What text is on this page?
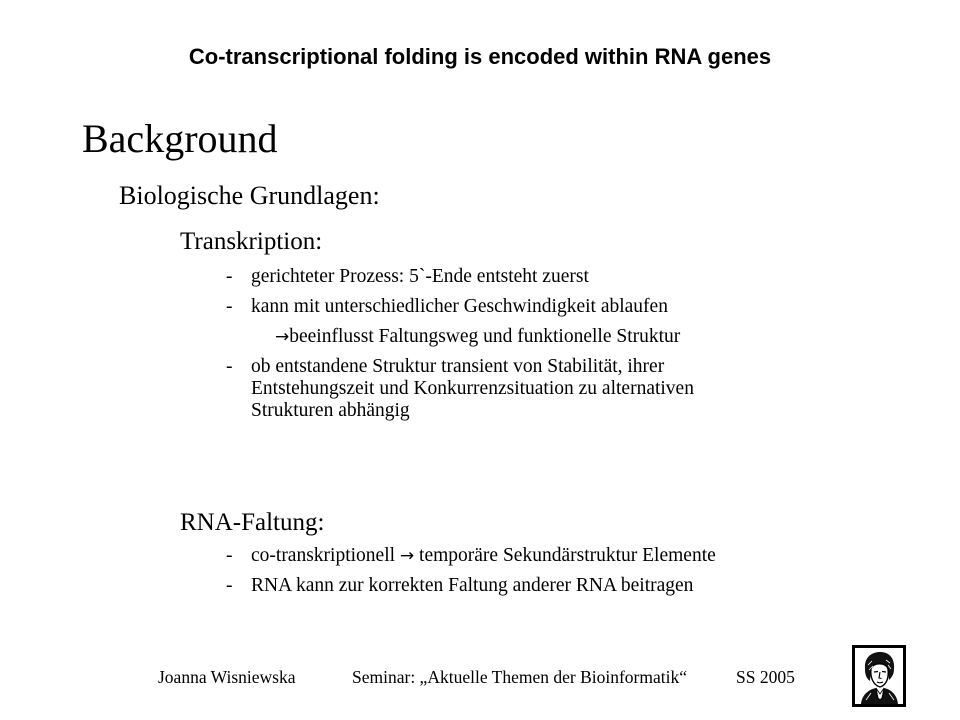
Co-transcriptional folding is encoded within RNA genes
Background
Biologische Grundlagen:
Transkription:
- gerichteter Prozess: 5`-Ende entsteht zuerst
- kann mit unterschiedlicher Geschwindigkeit ablaufen
→beeinflusst Faltungsweg und funktionelle Struktur
- ob entstandene Struktur transient von Stabilität, ihrer
Entstehungszeit und Konkurrenzsituation zu alternativen
Strukturen abhängig
RNA-Faltung:
- co-transkriptionell → temporäre Sekundärstruktur Elemente
- RNA kann zur korrekten Faltung anderer RNA beitragen
Joanna Wisniewska	Seminar: „Aktuelle Themen der Bioinformatik“	SS 2005
